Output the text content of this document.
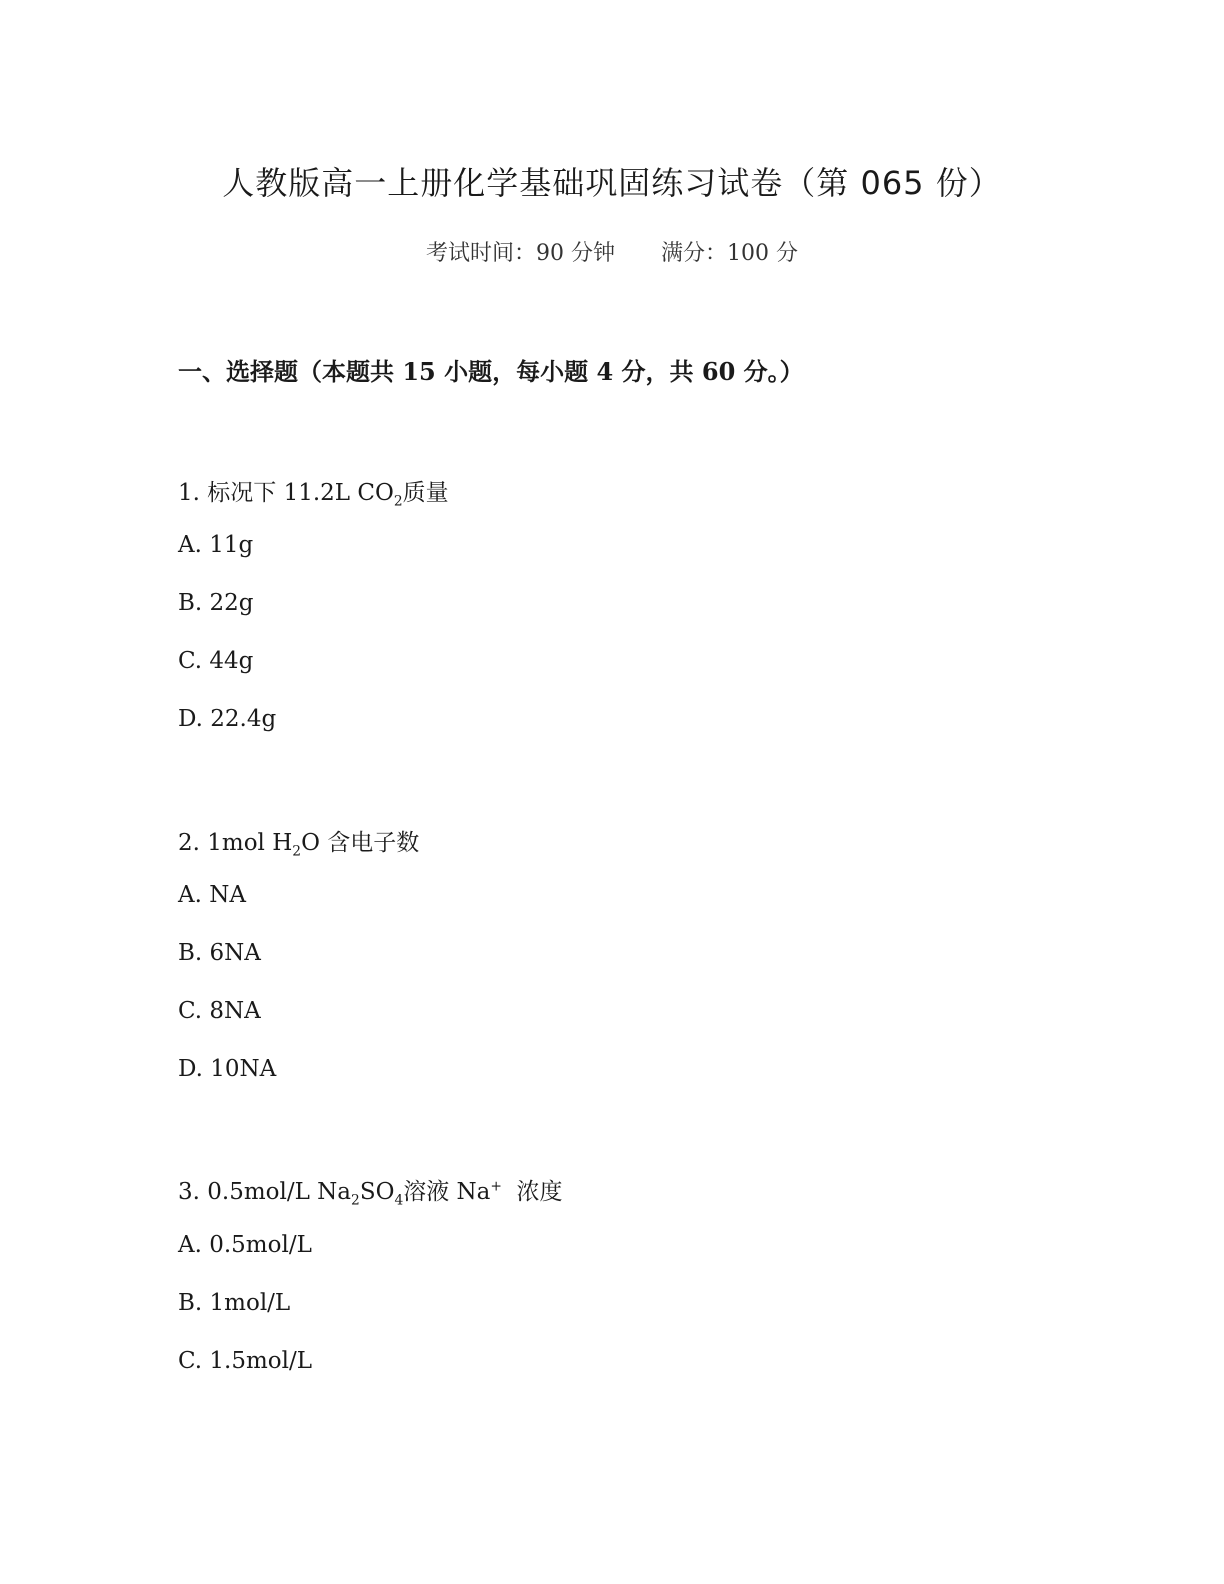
人教版高一上册化学基础巩固练习试卷（第 065 份）
考试时间：90 分钟 满分：100 分
一、选择题（本题共 15 小题，每小题 4 分，共 60 分。）
1. 标况下 11.2L $CO_2$质量
A. 11g
B. 22g
C. 44g
D. 22.4g
2. 1mol $H_2O$ 含电子数
A. NA
B. 6NA
C. 8NA
D. 10NA
3. 0.5mol/L $Na_2SO_4$溶液 Na+  浓度
A. 0.5mol/L
B. 1mol/L
C. 1.5mol/L
